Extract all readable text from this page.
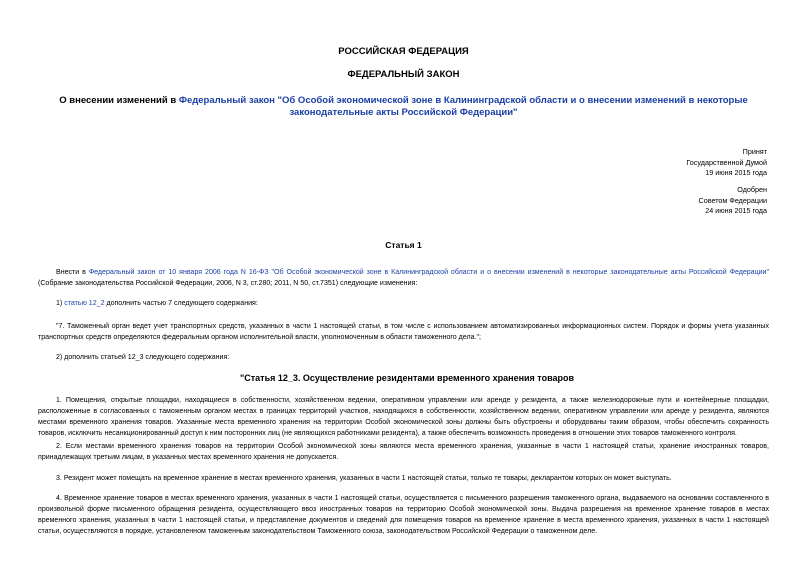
РОССИЙСКАЯ ФЕДЕРАЦИЯ
ФЕДЕРАЛЬНЫЙ ЗАКОН
О внесении изменений в Федеральный закон "Об Особой экономической зоне в Калининградской области и о внесении изменений в некоторые законодательные акты Российской Федерации"
Принят
Государственной Думой
19 июня 2015 года
Одобрен
Советом Федерации
24 июня 2015 года
Статья 1
Внести в Федеральный закон от 10 января 2006 года N 16-ФЗ "Об Особой экономической зоне в Калининградской области и о внесении изменений в некоторые законодательные акты Российской Федерации" (Собрание законодательства Российской Федерации, 2006, N 3, ст.280; 2011, N 50, ст.7351) следующие изменения:
1) статью 12_2 дополнить частью 7 следующего содержания:
"7. Таможенный орган ведет учет транспортных средств, указанных в части 1 настоящей статьи, в том числе с использованием автоматизированных информационных систем. Порядок и формы учета указанных транспортных средств определяются федеральным органом исполнительной власти, уполномоченным в области таможенного дела.";
2) дополнить статьей 12_3 следующего содержания:
"Статья 12_3. Осуществление резидентами временного хранения товаров
1. Помещения, открытые площадки, находящиеся в собственности, хозяйственном ведении, оперативном управлении или аренде у резидента, а также железнодорожные пути и контейнерные площадки, расположенные в согласованных с таможенным органом местах в границах территорий участков, находящихся в собственности, хозяйственном ведении, оперативном управлении или аренде у резидента, являются местами временного хранения товаров. Указанные места временного хранения на территории Особой экономической зоны должны быть обустроены и оборудованы таким образом, чтобы обеспечить сохранность товаров, исключить несанкционированный доступ к ним посторонних лиц (не являющихся работниками резидента), а также обеспечить возможность проведения в отношении этих товаров таможенного контроля.
2. Если местами временного хранения товаров на территории Особой экономической зоны являются места временного хранения, указанные в части 1 настоящей статьи, хранение иностранных товаров, принадлежащих третьим лицам, в указанных местах временного хранения не допускается.
3. Резидент может помещать на временное хранение в местах временного хранения, указанных в части 1 настоящей статьи, только те товары, декларантом которых он может выступать.
4. Временное хранение товаров в местах временного хранения, указанных в части 1 настоящей статьи, осуществляется с письменного разрешения таможенного органа, выдаваемого на основании составленного в произвольной форме письменного обращения резидента, осуществляющего ввоз иностранных товаров на территорию Особой экономической зоны. Выдача разрешения на временное хранение товаров в местах временного хранения, указанных в части 1 настоящей статьи, и представление документов и сведений для помещения товаров на временное хранение в места временного хранения, указанных в части 1 настоящей статьи, осуществляются в порядке, установленном таможенным законодательством Таможенного союза, законодательством Российской Федерации о таможенном деле.
